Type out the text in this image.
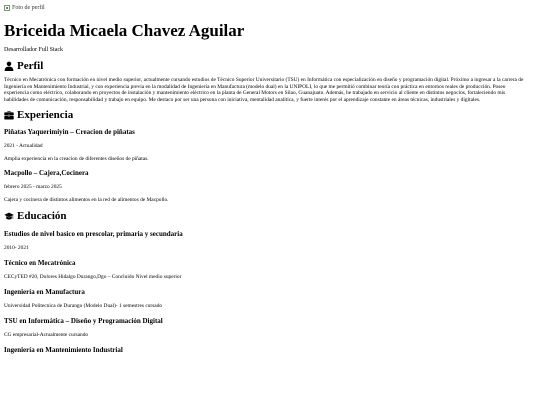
Foto de perfil
Briceida Micaela Chavez Aguilar
Desarrollador Full Stack
Perfil

Técnico en Mecatrónica con formación en nivel medio superior, actualmente cursando estudios de Técnico Superior Universitario (TSU) en Informática con especialización en diseño y programación digital. Próximo a ingresar a la carrera de Ingeniería en Mantenimiento Industrial, y con experiencia previa en la modalidad de Ingeniería en Manufactura (modelo dual) en la UNIPOLI, lo que me permitió combinar teoría con práctica en entornos reales de producción. Poseo experiencia como eléctrico, colaborando en proyectos de instalación y mantenimiento eléctrico en la planta de General Motors en Silao, Guanajuato. Además, he trabajado en servicio al cliente en distintos negocios, fortaleciendo mis habilidades de comunicación, responsabilidad y trabajo en equipo. Me destaco por ser una persona con iniciativa, mentalidad analítica, y fuerte interés por el aprendizaje constante en áreas técnicas, industriales y digitales.

Experiencia
Piñatas Yaquerimiyin – Creacion de piñatas
2021 - Actualidad
Amplia experiencia en la creacion de diferentes diseños de piñatas.
Macpollo – Cajera,Cocinera
febrero 2025 - marzo 2025
Cajera y cocinera de distintos alimentos en la red de alimentos de Macpollo.
Educación
Estudios de nivel basico en prescolar, primaria y secundaria
2010- 2021
Técnico en Mecatrónica
CECyTED #20, Dolores Hidalgo Durango,Dgo – Concluido Nivel medio superior
Ingeniería en Manufactura
Universidad Politecnica de Durango (Modelo Dual)- 1 semestres cursado
TSU en Informática – Diseño y Programación Digital
CG empresarial-Actualmente cursando
Ingeniería en Mantenimiento Industrial
